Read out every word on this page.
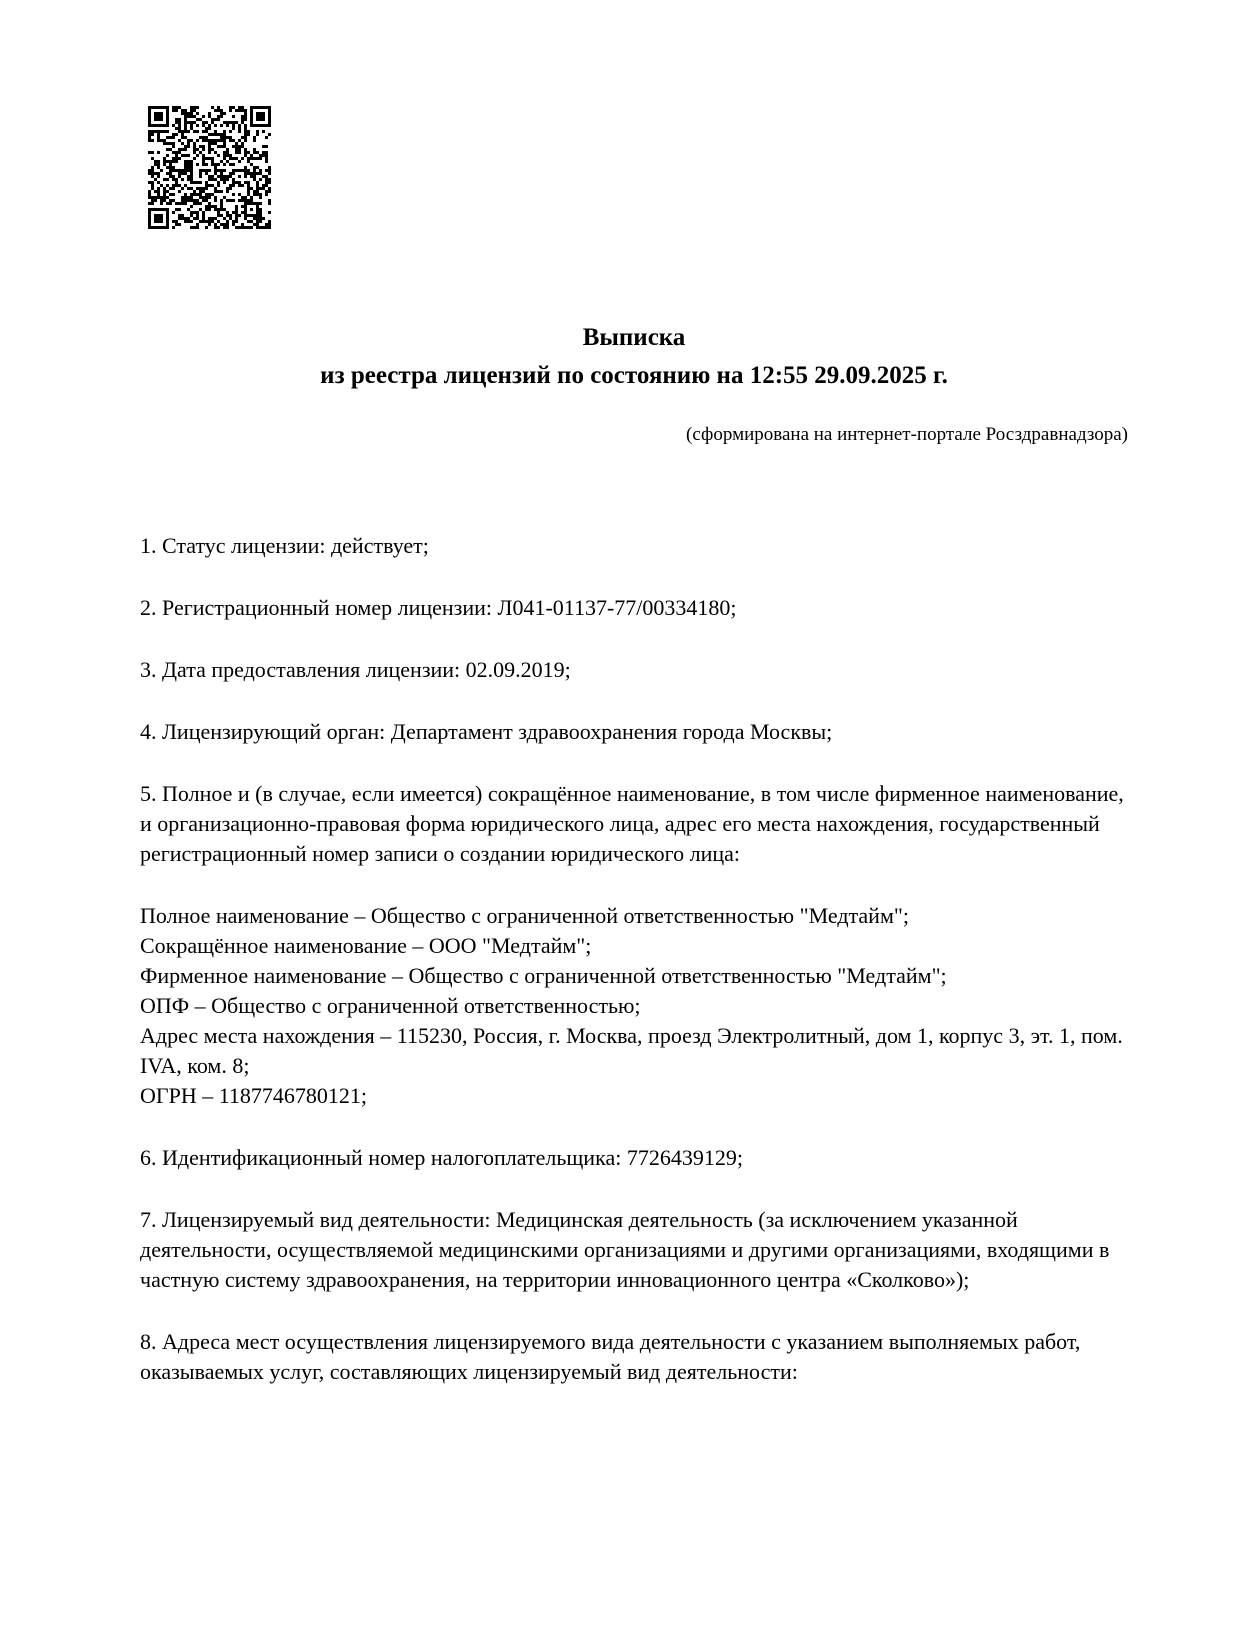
Выписка
из реестра лицензий по состоянию на 12:55 29.09.2025 г.
(сформирована на интернет-портале Росздравнадзора)

1. Статус лицензии: действует;

2. Регистрационный номер лицензии: Л041-01137-77/00334180;

3. Дата предоставления лицензии: 02.09.2019;

4. Лицензирующий орган: Департамент здравоохранения города Москвы;

5. Полное и (в случае, если имеется) сокращённое наименование, в том числе фирменное наименование, и организационно-правовая форма юридического лица, адрес его места нахождения, государственный регистрационный номер записи о создании юридического лица:

Полное наименование – Общество с ограниченной ответственностью "Медтайм";
Сокращённое наименование – ООО "Медтайм";
Фирменное наименование – Общество с ограниченной ответственностью "Медтайм";
ОПФ – Общество с ограниченной ответственностью;
Адрес места нахождения – 115230, Россия, г. Москва, проезд Электролитный, дом 1, корпус 3, эт. 1, пом. IVA, ком. 8;
ОГРН – 1187746780121;

6. Идентификационный номер налогоплательщика: 7726439129;

7. Лицензируемый вид деятельности: Медицинская деятельность (за исключением указанной деятельности, осуществляемой медицинскими организациями и другими организациями, входящими в частную систему здравоохранения, на территории инновационного центра «Сколково»);

8. Адреса мест осуществления лицензируемого вида деятельности с указанием выполняемых работ, оказываемых услуг, составляющих лицензируемый вид деятельности:
